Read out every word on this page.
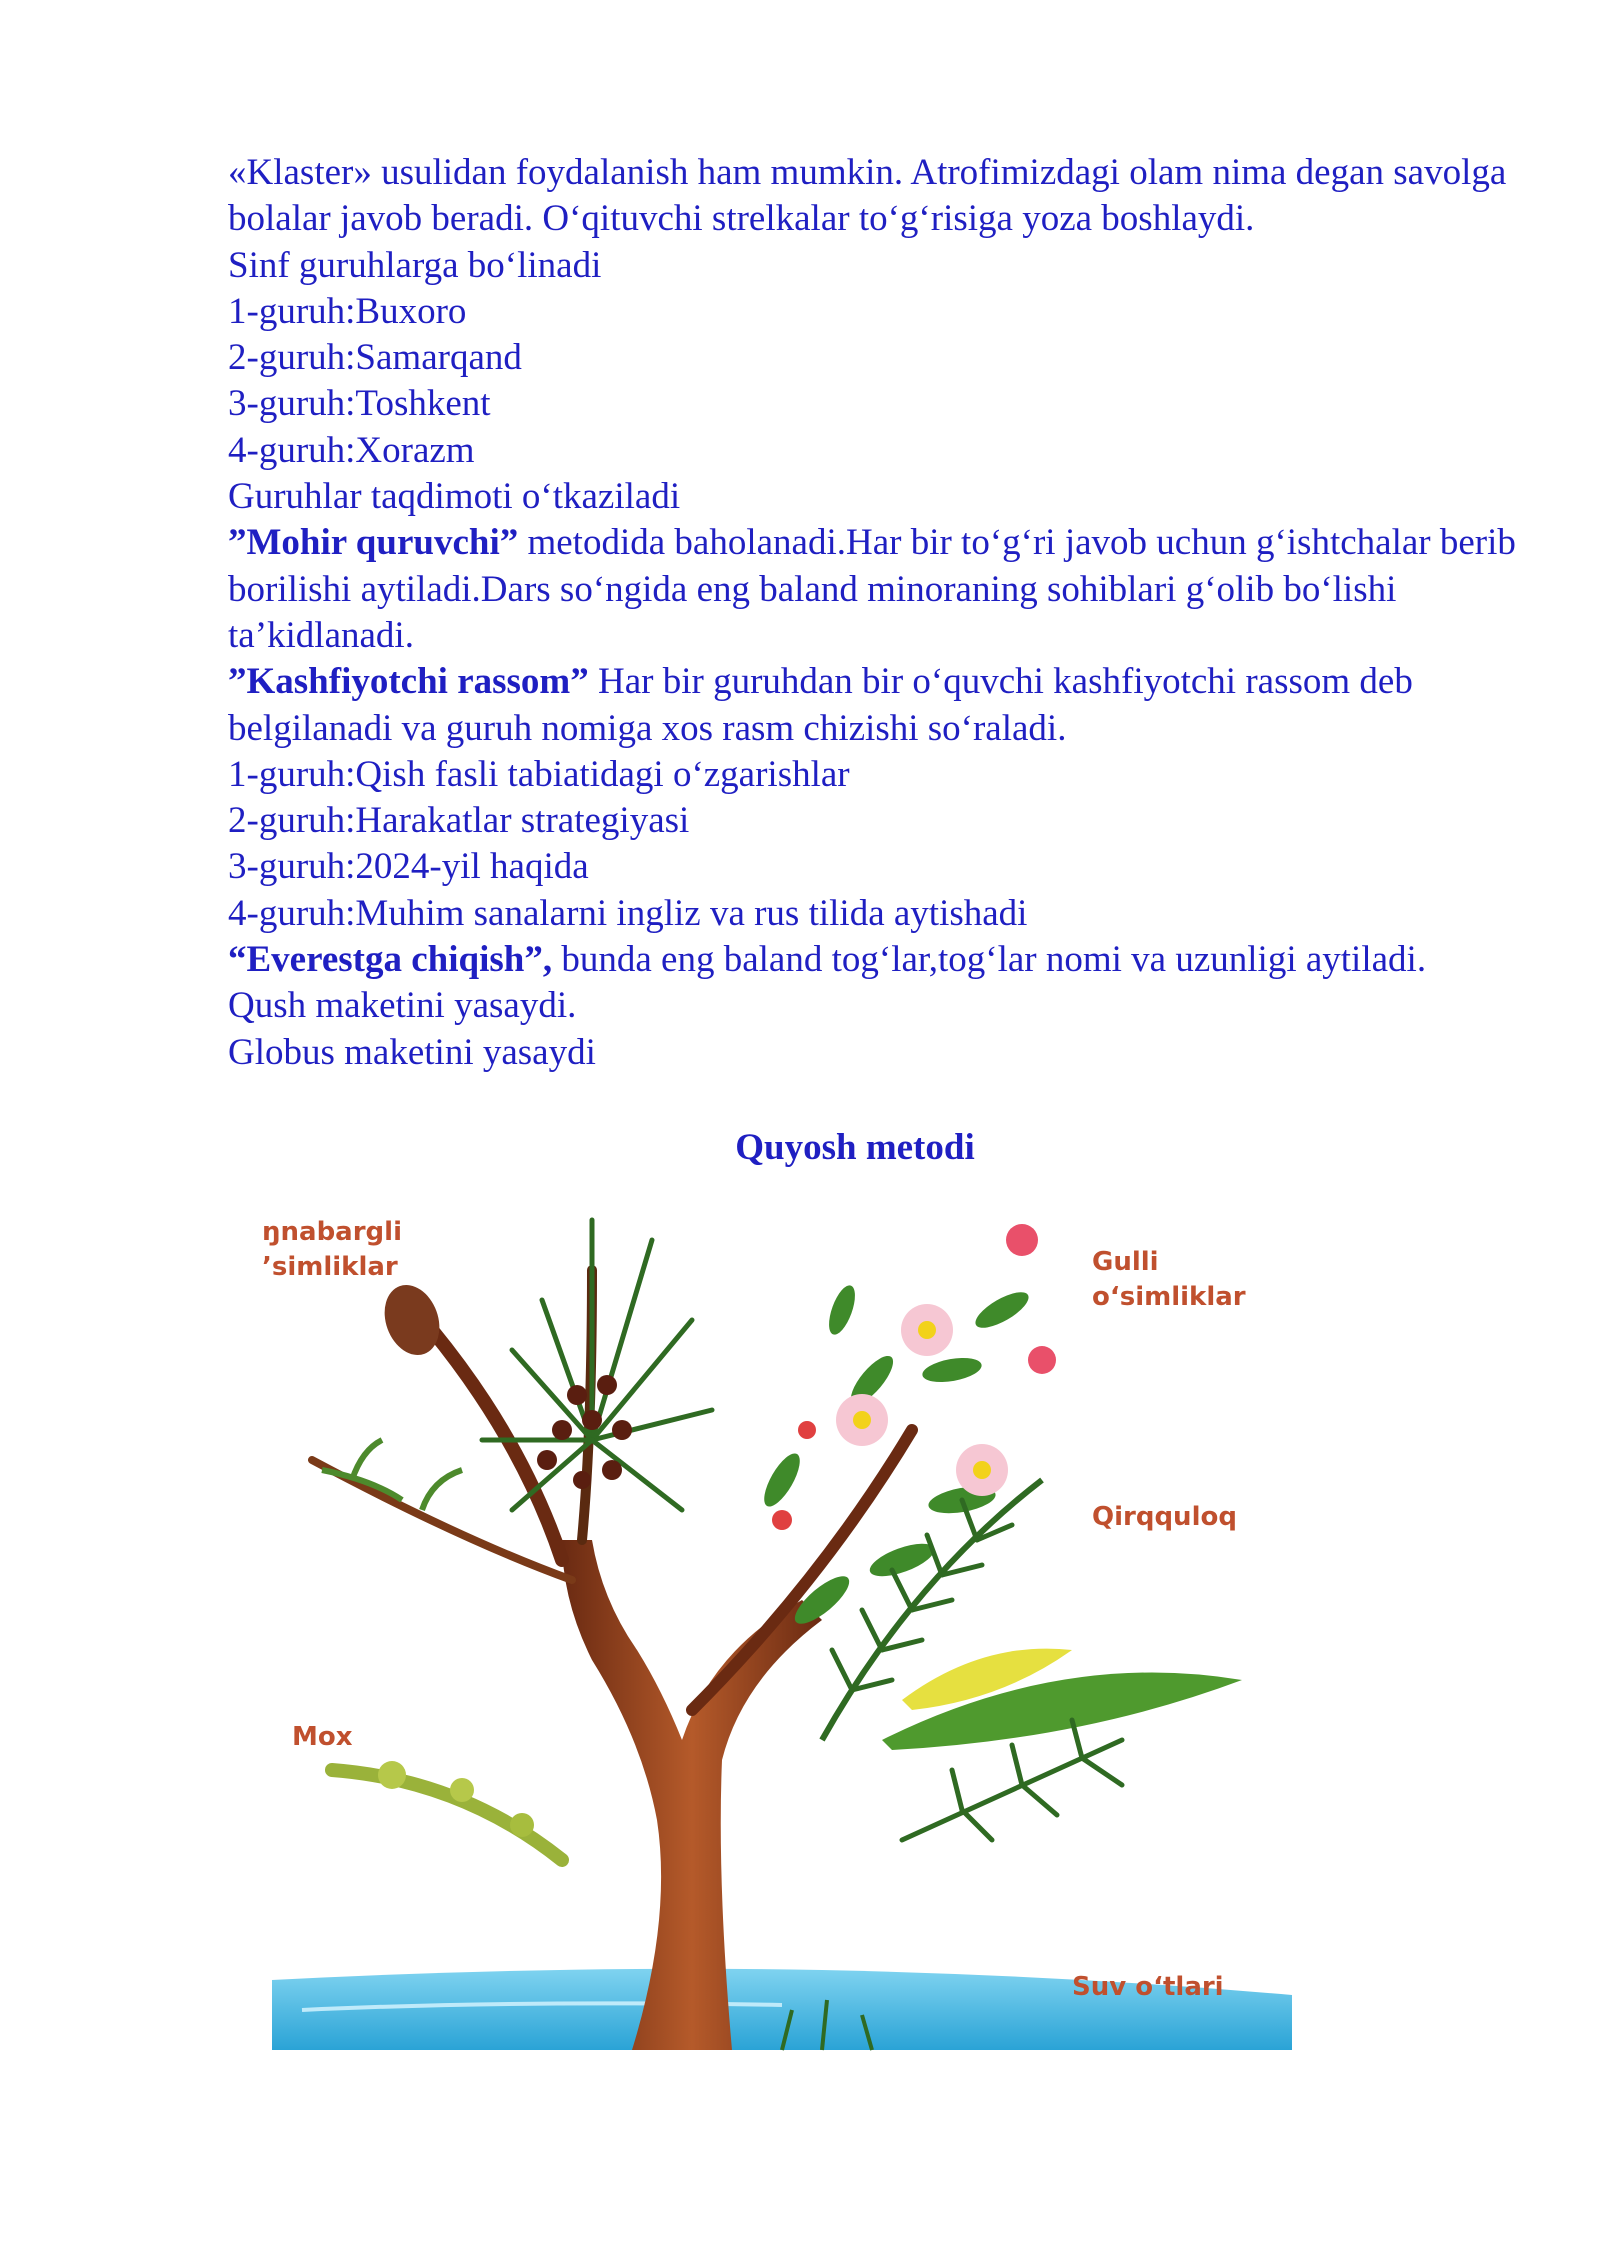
«Klaster» usulidan foydalanish ham mumkin. Atrofimizdagi olam nima degan savolga bolalar javob beradi. O‘qituvchi strelkalar to‘g‘risiga yoza boshlaydi.

Sinf guruhlarga bo‘linadi

1-guruh:Buxoro

2-guruh:Samarqand

3-guruh:Toshkent

4-guruh:Xorazm

Guruhlar taqdimoti o‘tkaziladi

”Mohir quruvchi” metodida baholanadi.Har bir to‘g‘ri javob uchun g‘ishtchalar berib borilishi aytiladi.Dars so‘ngida eng baland minoraning sohiblari g‘olib bo‘lishi ta’kidlanadi.

”Kashfiyotchi rassom” Har bir guruhdan bir o‘quvchi kashfiyotchi rassom deb belgilanadi va guruh nomiga xos rasm chizishi so‘raladi.

1-guruh:Qish fasli tabiatidagi o‘zgarishlar

2-guruh:Harakatlar strategiyasi

3-guruh:2024-yil haqida

4-guruh:Muhim sanalarni ingliz va rus tilida aytishadi

“Everestga chiqish”, bunda eng baland tog‘lar,tog‘lar nomi va uzunligi aytiladi.

Qush maketini yasaydi.

Globus maketini yasaydi

Quyosh metodi
ŋnabargli
’simliklar	Gulli
o‘simliklar
Qirqquloq
Mox
Suv o‘tlari
